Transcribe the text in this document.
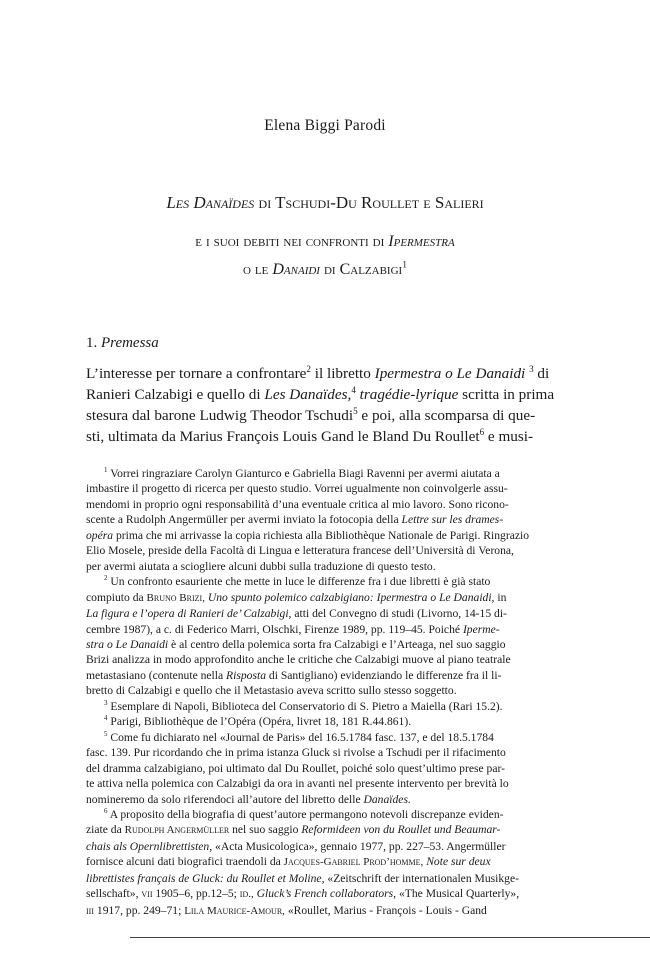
Elena Biggi Parodi
Les Danaïdes di Tschudi-Du Roullet e Salieri
e i suoi debiti nei confronti di Ipermestra
o le Danaidi di Calzabigi$^1$
1. Premessa
L’interesse per tornare a confrontare$^2$ il libretto Ipermestra o Le Danaidi $^3$ di
Ranieri Calzabigi e quello di Les Danaïdes,$^4$ tragédie-lyrique scritta in prima
stesura dal barone Ludwig Theodor Tschudi$^5$ e poi, alla scomparsa di que-
sti, ultimata da Marius François Louis Gand le Bland Du Roullet$^6$ e musi-
$^1$ Vorrei ringraziare Carolyn Gianturco e Gabriella Biagi Ravenni per avermi aiutata a
imbastire il progetto di ricerca per questo studio. Vorrei ugualmente non coinvolgerle assu-
mendomi in proprio ogni responsabilità d’una eventuale critica al mio lavoro. Sono ricono-
scente a Rudolph Angermüller per avermi inviato la fotocopia della Lettre sur les drames-
opéra prima che mi arrivasse la copia richiesta alla Bibliothèque Nationale de Parigi. Ringrazio
Elio Mosele, preside della Facoltà di Lingua e letteratura francese dell’Università di Verona,
per avermi aiutata a sciogliere alcuni dubbi sulla traduzione di questo testo.
$^2$ Un confronto esauriente che mette in luce le differenze fra i due libretti è già stato
compiuto da Bruno Brizi, Uno spunto polemico calzabigiano: Ipermestra o Le Danaidi, in
La figura e l’opera di Ranieri de’ Calzabigi, atti del Convegno di studi (Livorno, 14-15 di-
cembre 1987), a c. di Federico Marri, Olschki, Firenze 1989, pp. 119–45. Poiché Iperme-
stra o Le Danaidi è al centro della polemica sorta fra Calzabigi e l’Arteaga, nel suo saggio
Brizi analizza in modo approfondito anche le critiche che Calzabigi muove al piano teatrale
metastasiano (contenute nella Risposta di Santigliano) evidenziando le differenze fra il li-
bretto di Calzabigi e quello che il Metastasio aveva scritto sullo stesso soggetto.
$^3$ Esemplare di Napoli, Biblioteca del Conservatorio di S. Pietro a Maiella (Rari 15.2).
$^4$ Parigi, Bibliothèque de l’Opéra (Opéra, livret 18, 181 R.44.861).
$^5$ Come fu dichiarato nel «Journal de Paris» del 16.5.1784 fasc. 137, e del 18.5.1784
fasc. 139. Pur ricordando che in prima istanza Gluck si rivolse a Tschudi per il rifacimento
del dramma calzabigiano, poi ultimato dal Du Roullet, poiché solo quest’ultimo prese par-
te attiva nella polemica con Calzabigi da ora in avanti nel presente intervento per brevità lo
nomineremo da solo riferendoci all’autore del libretto delle Danaïdes.
$^6$ A proposito della biografia di quest’autore permangono notevoli discrepanze eviden-
ziate da Rudolph Angermüller nel suo saggio Reformideen von du Roullet und Beaumar-
chais als Opernlibrettisten, «Acta Musicologica», gennaio 1977, pp. 227–53. Angermüller
fornisce alcuni dati biografici traendoli da Jacques-Gabriel Prod’homme, Note sur deux
librettistes français de Gluck: du Roullet et Moline, «Zeitschrift der internationalen Musikge-
sellschaft», vii 1905–6, pp.12–5; id., Gluck’s French collaborators, «The Musical Quarterly»,
iii 1917, pp. 249–71; Lila Maurice-Amour, «Roullet, Marius - François - Louis - Gand
